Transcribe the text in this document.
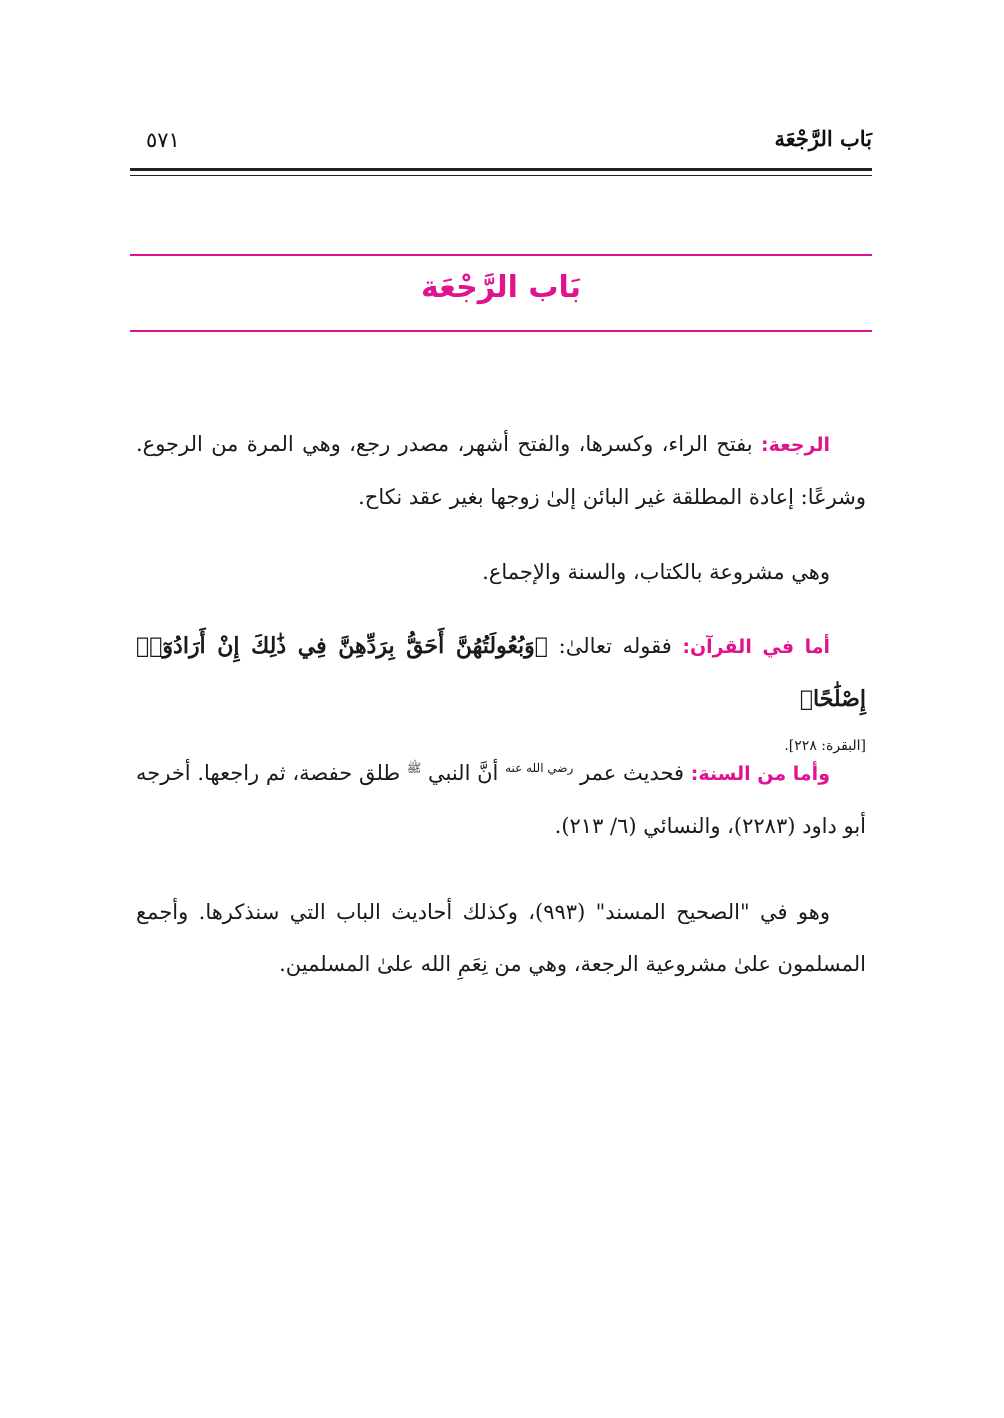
بَاب الرَّجْعَة
٥٧١
بَاب الرَّجْعَة
الرجعة: بفتح الراء، وكسرها، والفتح أشهر، مصدر رجع، وهي المرة من الرجوع. وشرعًا: إعادة المطلقة غير البائن إلىٰ زوجها بغير عقد نكاح.
وهي مشروعة بالكتاب، والسنة والإجماع.
أما في القرآن: فقوله تعالىٰ: ﴿وَبُعُولَتُهُنَّ أَحَقُّ بِرَدِّهِنَّ فِي ذَٰلِكَ إِنْ أَرَادُوٓا۟ إِصْلَٰحًا﴾
[البقرة: ٢٢٨].
وأما من السنة: فحديث عمر $^{رضي الله عنه}$ أنَّ النبي $^ﷺ$ طلق حفصة، ثم راجعها. أخرجه أبو داود (٢٢٨٣)، والنسائي (٦/ ٢١٣).
وهو في "الصحيح المسند" (٩٩٣)، وكذلك أحاديث الباب التي سنذكرها. وأجمع المسلمون علىٰ مشروعية الرجعة، وهي من نِعَمِ الله علىٰ المسلمين.
